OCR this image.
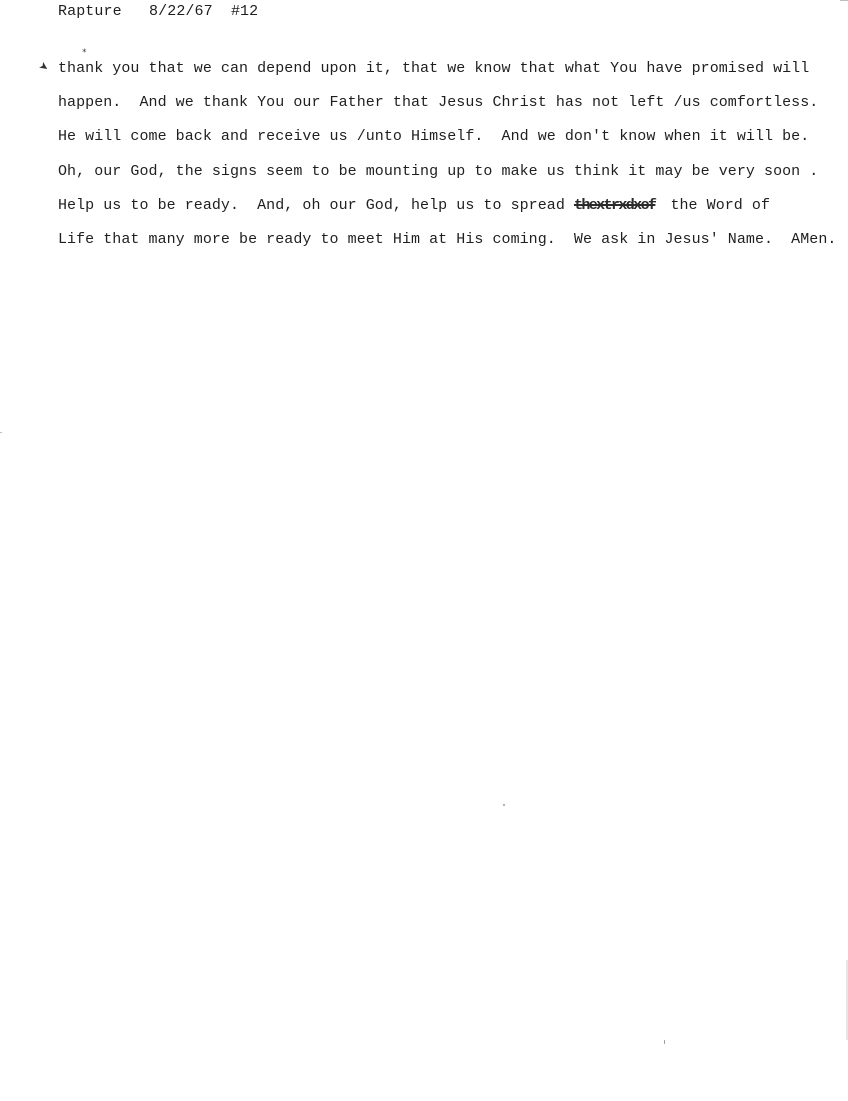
Rapture 8/22/67 #12
➤
⁎
thank you that we can depend upon it, that we know that what You have promised will
happen.  And we thank You our Father that Jesus Christ has not left /us comfortless.
He will come back and receive us /unto Himself.  And we don't know when it will be.
Oh, our God, the signs seem to be mounting up to make us think it may be very soon .
Help us to be ready.  And, oh our God, help us to spread thextrxdxof the Word of
Life that many more be ready to meet Him at His coming.  We ask in Jesus' Name.  AMen.
